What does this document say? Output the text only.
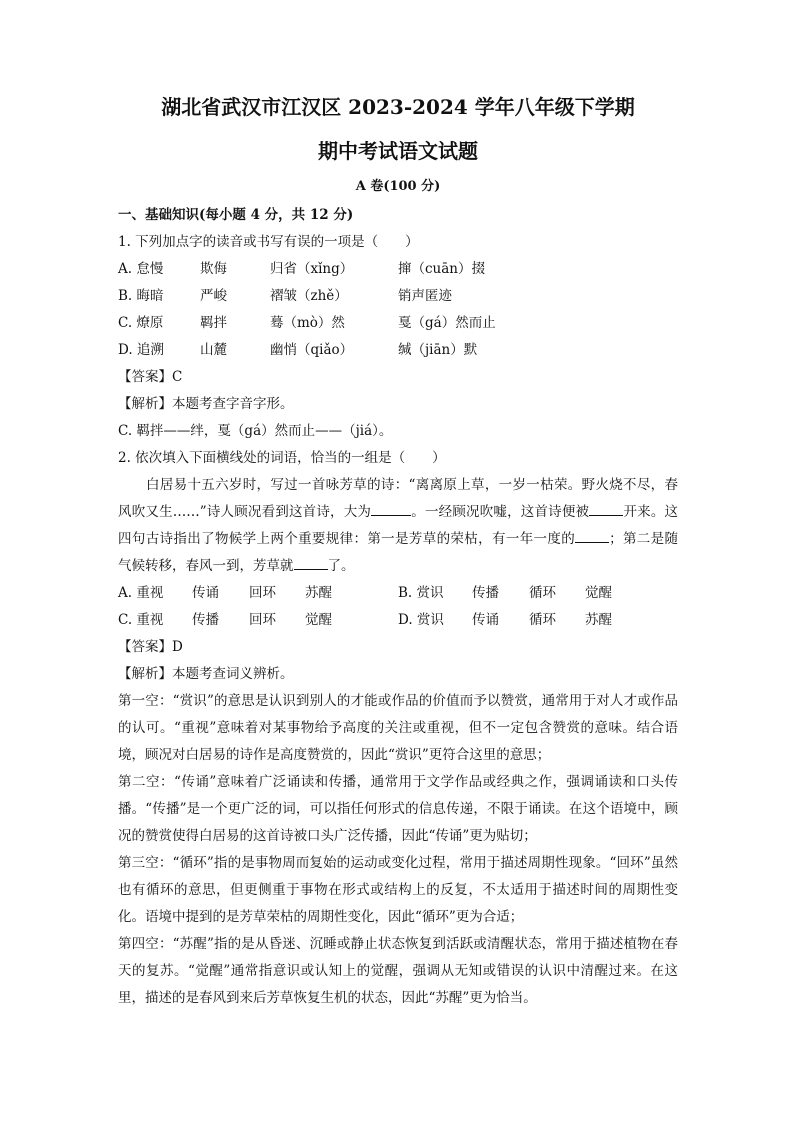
湖北省武汉市江汉区 2023-2024 学年八年级下学期
期中考试语文试题
A 卷(100 分)
一、基础知识(每小题 4 分，共 12 分)
1. 下列加点字的读音或书写有误的一项是（　　）
A. 怠慢	欺侮	归省（xǐng）	撺（cuān）掇
B. 晦暗	严峻	褶皱（zhě）	销声匿迹
C. 燎原	羁拌	蓦（mò）然	戛（gá）然而止
D. 追溯	山麓	幽悄（qiǎo）	缄（jiān）默
【答案】C
【解析】本题考查字音字形。
C. 羁拌——绊，戛（gá）然而止——（jiá）。
2. 依次填入下面横线处的词语，恰当的一组是（　　）
白居易十五六岁时，写过一首咏芳草的诗：“离离原上草，一岁一枯荣。野火烧不尽，春风吹又生……”诗人顾况看到这首诗，大为	。一经顾况吹嘘，这首诗便被	开来。这四句古诗指出了物候学上两个重要规律：第一是芳草的荣枯，有一年一度的	；第二是随气候转移，春风一到，芳草就	了。
A. 重视	传诵	回环	苏醒	B. 赏识	传播	循环	觉醒
C. 重视	传播	回环	觉醒	D. 赏识	传诵	循环	苏醒
【答案】D
【解析】本题考查词义辨析。
第一空：“赏识”的意思是认识到别人的才能或作品的价值而予以赞赏，通常用于对人才或作品的认可。“重视”意味着对某事物给予高度的关注或重视，但不一定包含赞赏的意味。结合语境，顾况对白居易的诗作是高度赞赏的，因此“赏识”更符合这里的意思；
第二空：“传诵”意味着广泛诵读和传播，通常用于文学作品或经典之作，强调诵读和口头传播。“传播”是一个更广泛的词，可以指任何形式的信息传递，不限于诵读。在这个语境中，顾况的赞赏使得白居易的这首诗被口头广泛传播，因此“传诵”更为贴切；
第三空：“循环”指的是事物周而复始的运动或变化过程，常用于描述周期性现象。“回环”虽然也有循环的意思，但更侧重于事物在形式或结构上的反复，不太适用于描述时间的周期性变化。语境中提到的是芳草荣枯的周期性变化，因此“循环”更为合适；
第四空：“苏醒”指的是从昏迷、沉睡或静止状态恢复到活跃或清醒状态，常用于描述植物在春天的复苏。“觉醒”通常指意识或认知上的觉醒，强调从无知或错误的认识中清醒过来。在这里，描述的是春风到来后芳草恢复生机的状态，因此“苏醒”更为恰当。
